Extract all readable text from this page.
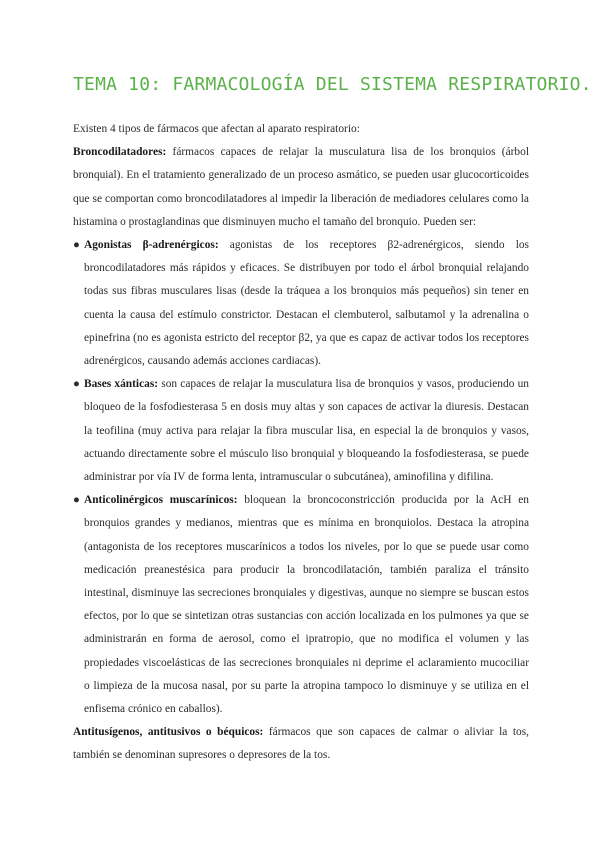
TEMA 10: FARMACOLOGÍA DEL SISTEMA RESPIRATORIO.

Existen 4 tipos de fármacos que afectan al aparato respiratorio:

Broncodilatadores: fármacos capaces de relajar la musculatura lisa de los bronquios (árbol bronquial). En el tratamiento generalizado de un proceso asmático, se pueden usar glucocorticoides que se comportan como broncodilatadores al impedir la liberación de mediadores celulares como la histamina o prostaglandinas que disminuyen mucho el tamaño del bronquio. Pueden ser:

● Agonistas β-adrenérgicos: agonistas de los receptores β2-adrenérgicos, siendo los broncodilatadores más rápidos y eficaces. Se distribuyen por todo el árbol bronquial relajando todas sus fibras musculares lisas (desde la tráquea a los bronquios más pequeños) sin tener en cuenta la causa del estímulo constrictor. Destacan el clembuterol, salbutamol y la adrenalina o epinefrina (no es agonista estricto del receptor β2, ya que es capaz de activar todos los receptores adrenérgicos, causando además acciones cardiacas).

● Bases xánticas: son capaces de relajar la musculatura lisa de bronquios y vasos, produciendo un bloqueo de la fosfodiesterasa 5 en dosis muy altas y son capaces de activar la diuresis. Destacan la teofilina (muy activa para relajar la fibra muscular lisa, en especial la de bronquios y vasos, actuando directamente sobre el músculo liso bronquial y bloqueando la fosfodiesterasa, se puede administrar por vía IV de forma lenta, intramuscular o subcutánea), aminofilina y difilina.

● Anticolinérgicos muscarínicos: bloquean la broncoconstricción producida por la AcH en bronquios grandes y medianos, mientras que es mínima en bronquiolos. Destaca la atropina (antagonista de los receptores muscarínicos a todos los niveles, por lo que se puede usar como medicación preanestésica para producir la broncodilatación, también paraliza el tránsito intestinal, disminuye las secreciones bronquiales y digestivas, aunque no siempre se buscan estos efectos, por lo que se sintetizan otras sustancias con acción localizada en los pulmones ya que se administrarán en forma de aerosol, como el ipratropio, que no modifica el volumen y las propiedades viscoelásticas de las secreciones bronquiales ni deprime el aclaramiento mucociliar o limpieza de la mucosa nasal, por su parte la atropina tampoco lo disminuye y se utiliza en el enfisema crónico en caballos).

Antitusígenos, antitusivos o béquicos: fármacos que son capaces de calmar o aliviar la tos, también se denominan supresores o depresores de la tos.
